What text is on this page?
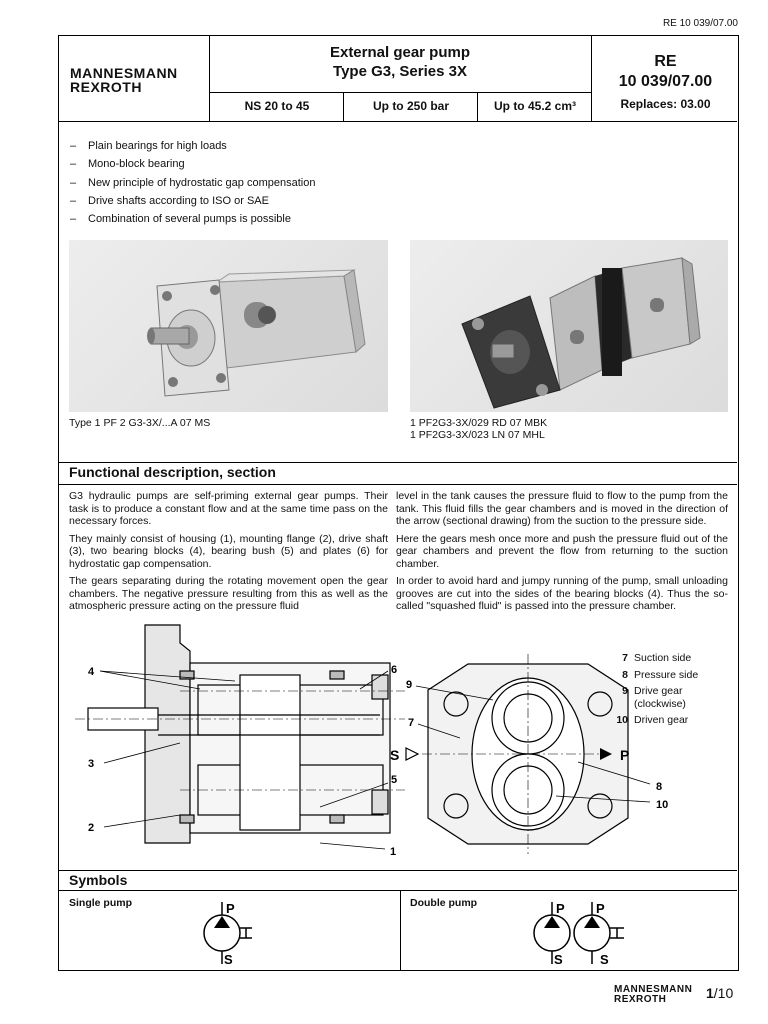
RE 10 039/07.00
MANNESMANN
REXROTH
External gear pump
Type G3, Series 3X
RE
10 039/07.00
Replaces: 03.00
NS 20 to 45	Up to 250 bar	Up to 45.2 cm³
– Plain bearings for high loads
– Mono-block bearing
– New principle of hydrostatic gap compensation
– Drive shafts according to ISO or SAE
– Combination of several pumps is possible
Type 1 PF 2 G3-3X/...A 07 MS	1 PF2G3-3X/029 RD 07 MBK
1 PF2G3-3X/023 LN 07 MHL
Functional description, section

G3 hydraulic pumps are self-priming external gear pumps. Their task is to produce a constant flow and at the same time pass on the necessary forces.

They mainly consist of housing (1), mounting flange (2), drive shaft (3), two bearing blocks (4), bearing bush (5) and plates (6) for hydrostatic gap compensation.

The gears separating during the rotating movement open the gear chambers. The negative pressure resulting from this as well as the atmospheric pressure acting on the pressure fluid

level in the tank causes the pressure fluid to flow to the pump from the tank. This fluid fills the gear chambers and is moved in the direction of the arrow (sectional drawing) from the suction to the pressure side.

Here the gears mesh once more and push the pressure fluid out of the gear chambers and prevent the flow from returning to the suction chamber.

In order to avoid hard and jumpy running of the pump, small unloading grooves are cut into the sides of the bearing blocks (4). Thus the so-called "squashed fluid" is passed into the pressure chamber.

4
3
2
6
5
1
9
7
8
10
S	P
7 Suction side
8 Pressure side
9 Drive gear (clockwise)
10 Driven gear
Symbols
Single pump	Double pump
P
S
P P
S	S
MANNESMANN
REXROTH	1/10
